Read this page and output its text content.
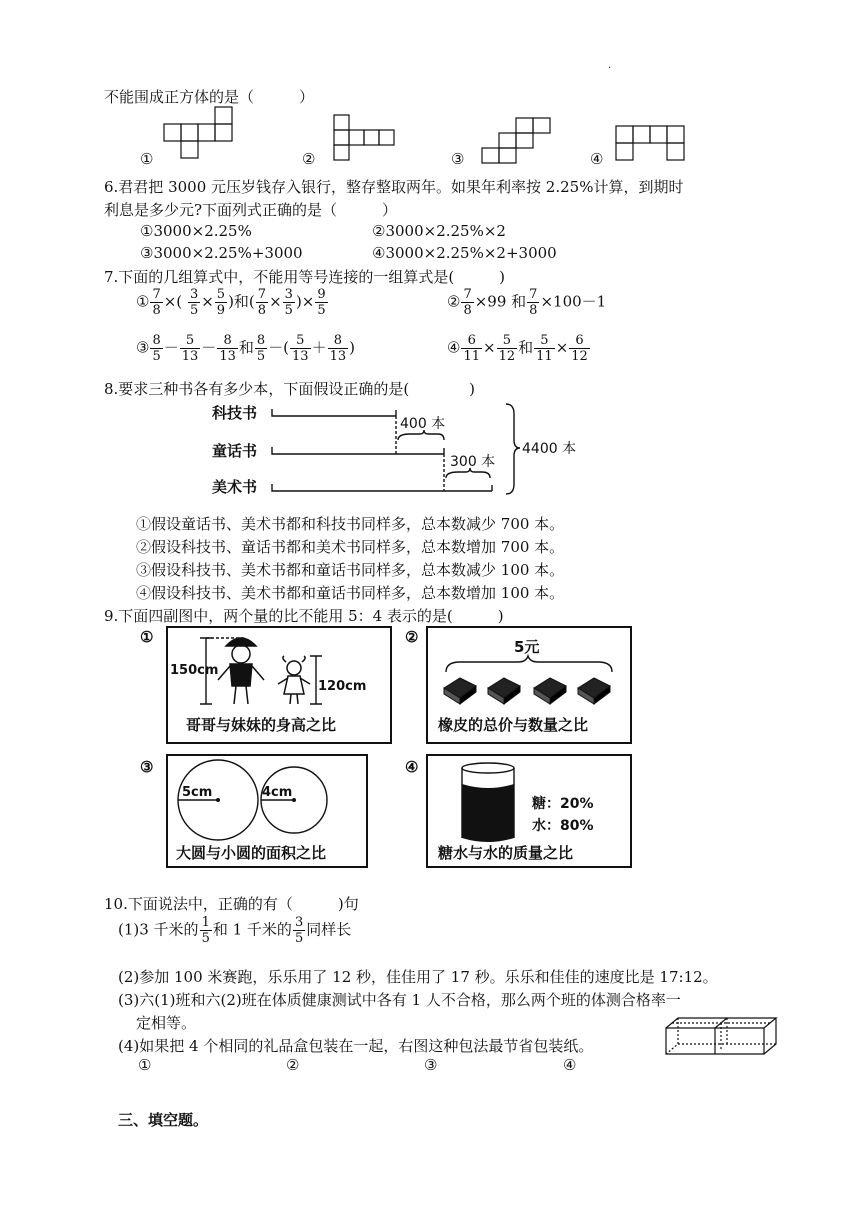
.
不能围成正方体的是（　　　）
①	②	③	④
6.君君把 3000 元压岁钱存入银行，整存整取两年。如果年利率按 2.25%计算，到期时
利息是多少元?下面列式正确的是（　　　）
①3000×2.25%	②3000×2.25%×2
③3000×2.25%+3000	④3000×2.25%×2+3000
7.下面的几组算式中，不能用等号连接的一组算式是(　　　)
① $\frac{7}{8}$ ×( $\frac{3}{5} \times \frac{5}{9}$ )和( $\frac{7}{8} \times \frac{3}{5}$ )× $\frac{9}{5}$	② $\frac{7}{8} \times 99$ 和 $\frac{7}{8} \times 100-1$
③ $\frac{8}{5} - \frac{5}{13} - \frac{8}{13}$ 和 $\frac{8}{5}$ －( $\frac{5}{13} + \frac{8}{13}$ )	④ $\frac{6}{11} \times \frac{5}{12}$ 和 $\frac{5}{11} \times \frac{6}{12}$
8.要求三种书各有多少本，下面假设正确的是(　　　　)
科技书
童话书
美术书
400 本
300 本
4400 本
①假设童话书、美术书都和科技书同样多，总本数减少 700 本。
②假设科技书、童话书都和美术书同样多，总本数增加 700 本。
③假设科技书、美术书都和童话书同样多，总本数减少 100 本。
④假设科技书、美术书都和童话书同样多，总本数增加 100 本。
9.下面四副图中，两个量的比不能用 5：4 表示的是(　　　)
①
150cm
120cm
哥哥与妹妹的身高之比
②
5元
橡皮的总价与数量之比
③
5cm	4cm
大圆与小圆的面积之比
④
糖：20%
水：80%
糖水与水的质量之比
10.下面说法中，正确的有（　　　)句
(1)3 千米的 $\frac{1}{5}$ 和 1 千米的 $\frac{3}{5}$ 同样长
(2)参加 100 米赛跑，乐乐用了 12 秒，佳佳用了 17 秒。乐乐和佳佳的速度比是 17:12。
(3)六(1)班和六(2)班在体质健康测试中各有 1 人不合格，那么两个班的体测合格率一
定相等。
(4)如果把 4 个相同的礼品盒包装在一起，右图这种包法最节省包装纸。
①	②	③	④
三、填空题。
